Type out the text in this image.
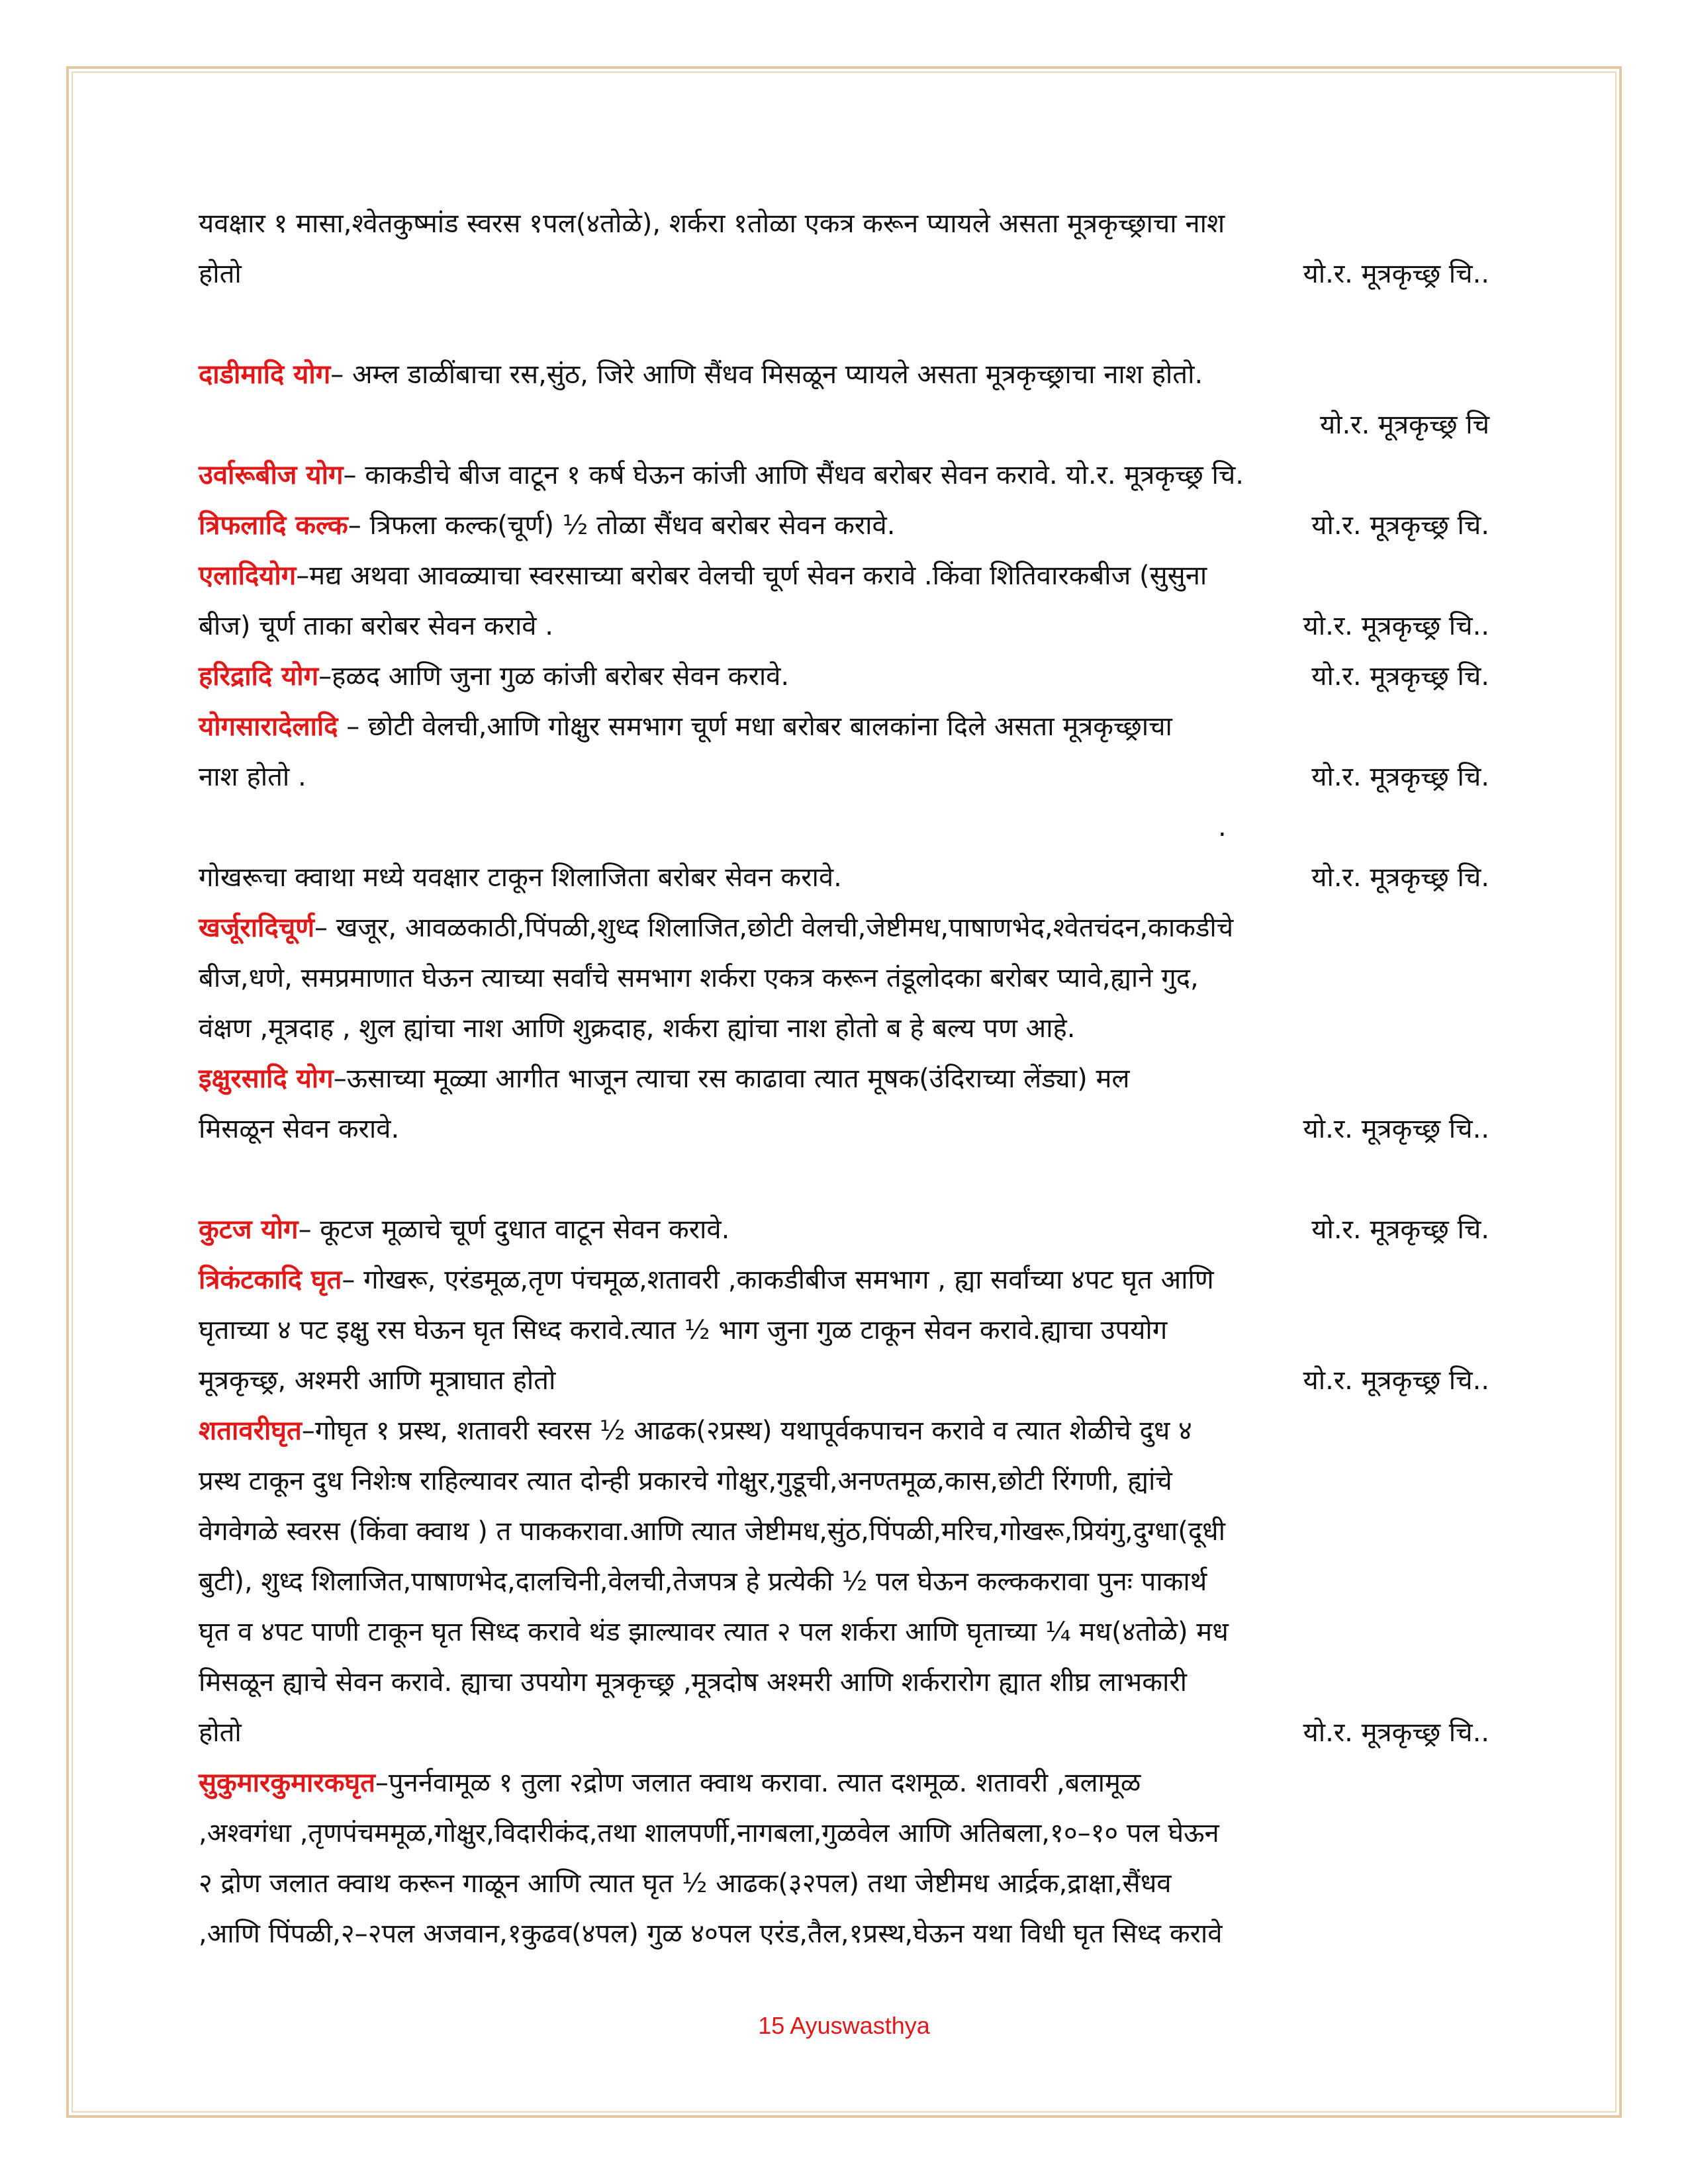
यवक्षार १ मासा,श्वेतकुष्मांड स्वरस १पल(४तोळे), शर्करा १तोळा एकत्र करून प्यायले असता मूत्रकृच्छ्राचा नाश
होतो	यो.र. मूत्रकृच्छ्र चि..
दाडीमादि योग– अम्ल डाळींबाचा रस,सुंठ, जिरे आणि सैंधव मिसळून प्यायले असता मूत्रकृच्छ्राचा नाश होतो.
यो.र. मूत्रकृच्छ्र चि
उर्वारूबीज योग– काकडीचे बीज वाटून १ कर्ष घेऊन कांजी आणि सैंधव बरोबर सेवन करावे. यो.र. मूत्रकृच्छ्र चि.
त्रिफलादि कल्क– त्रिफला कल्क(चूर्ण) ½ तोळा सैंधव बरोबर सेवन करावे.	यो.र. मूत्रकृच्छ्र चि.
एलादियोग–मद्य अथवा आवळ्याचा स्वरसाच्या बरोबर वेलची चूर्ण सेवन करावे .किंवा शितिवारकबीज (सुसुना
बीज) चूर्ण ताका बरोबर सेवन करावे .	यो.र. मूत्रकृच्छ्र चि..
हरिद्रादि योग–हळद आणि जुना गुळ कांजी बरोबर सेवन करावे.	यो.र. मूत्रकृच्छ्र चि.
योगसारादेलादि – छोटी वेलची,आणि गोक्षुर समभाग चूर्ण मधा बरोबर बालकांना दिले असता मूत्रकृच्छ्राचा
नाश होतो .	यो.र. मूत्रकृच्छ्र चि.
.
गोखरूचा क्वाथा मध्ये यवक्षार टाकून शिलाजिता बरोबर सेवन करावे.	यो.र. मूत्रकृच्छ्र चि.
खर्जूरादिचूर्ण– खजूर, आवळकाठी,पिंपळी,शुध्द शिलाजित,छोटी वेलची,जेष्टीमध,पाषाणभेद,श्वेतचंदन,काकडीचे
बीज,धणे, समप्रमाणात घेऊन त्याच्या सर्वांचे समभाग शर्करा एकत्र करून तंडूलोदका बरोबर प्यावे,ह्याने गुद,
वंक्षण ,मूत्रदाह , शुल ह्यांचा नाश आणि शुक्रदाह, शर्करा ह्यांचा नाश होतो ब हे बल्य पण आहे.
इक्षुरसादि योग–ऊसाच्या मूळ्या आगीत भाजून त्याचा रस काढावा त्यात मूषक(उंदिराच्या लेंड्या) मल
मिसळून सेवन करावे.	यो.र. मूत्रकृच्छ्र चि..
कुटज योग– कूटज मूळाचे चूर्ण दुधात वाटून सेवन करावे.	यो.र. मूत्रकृच्छ्र चि.
त्रिकंटकादि घृत– गोखरू, एरंडमूळ,तृण पंचमूळ,शतावरी ,काकडीबीज समभाग , ह्या सर्वांच्या ४पट घृत आणि
घृताच्या ४ पट इक्षु रस घेऊन घृत सिध्द करावे.त्यात ½ भाग जुना गुळ टाकून सेवन करावे.ह्याचा उपयोग
मूत्रकृच्छ्र, अश्मरी आणि मूत्राघात होतो	यो.र. मूत्रकृच्छ्र चि..
शतावरीघृत–गोघृत १ प्रस्थ, शतावरी स्वरस ½ आढक(२प्रस्थ) यथापूर्वकपाचन करावे व त्यात शेळीचे दुध ४
प्रस्थ टाकून दुध निशेःष राहिल्यावर त्यात दोन्ही प्रकारचे गोक्षुर,गुडूची,अनण्तमूळ,कास,छोटी रिंगणी, ह्यांचे
वेगवेगळे स्वरस (किंवा क्वाथ ) त पाककरावा.आणि त्यात जेष्टीमध,सुंठ,पिंपळी,मरिच,गोखरू,प्रियंगु,दुग्धा(दूधी
बुटी), शुध्द शिलाजित,पाषाणभेद,दालचिनी,वेलची,तेजपत्र हे प्रत्येकी ½ पल घेऊन कल्ककरावा पुनः पाकार्थ
घृत व ४पट पाणी टाकून घृत सिध्द करावे थंड झाल्यावर त्यात २ पल शर्करा आणि घृताच्या ¼ मध(४तोळे) मध
मिसळून ह्याचे सेवन करावे. ह्याचा उपयोग मूत्रकृच्छ्र ,मूत्रदोष अश्मरी आणि शर्करारोग ह्यात शीघ्र लाभकारी
होतो	यो.र. मूत्रकृच्छ्र चि..
सुकुमारकुमारकघृत–पुनर्नवामूळ १ तुला २द्रोण जलात क्वाथ करावा. त्यात दशमूळ. शतावरी ,बलामूळ
,अश्वगंधा ,तृणपंचममूळ,गोक्षुर,विदारीकंद,तथा शालपर्णी,नागबला,गुळवेल आणि अतिबला,१०–१० पल घेऊन
२ द्रोण जलात क्वाथ करून गाळून आणि त्यात घृत ½ आढक(३२पल) तथा जेष्टीमध आर्द्रक,द्राक्षा,सैंधव
,आणि पिंपळी,२–२पल अजवान,१कुढव(४पल) गुळ ४०पल एरंड,तैल,१प्रस्थ,घेऊन यथा विधी घृत सिध्द करावे
15 Ayuswasthya
